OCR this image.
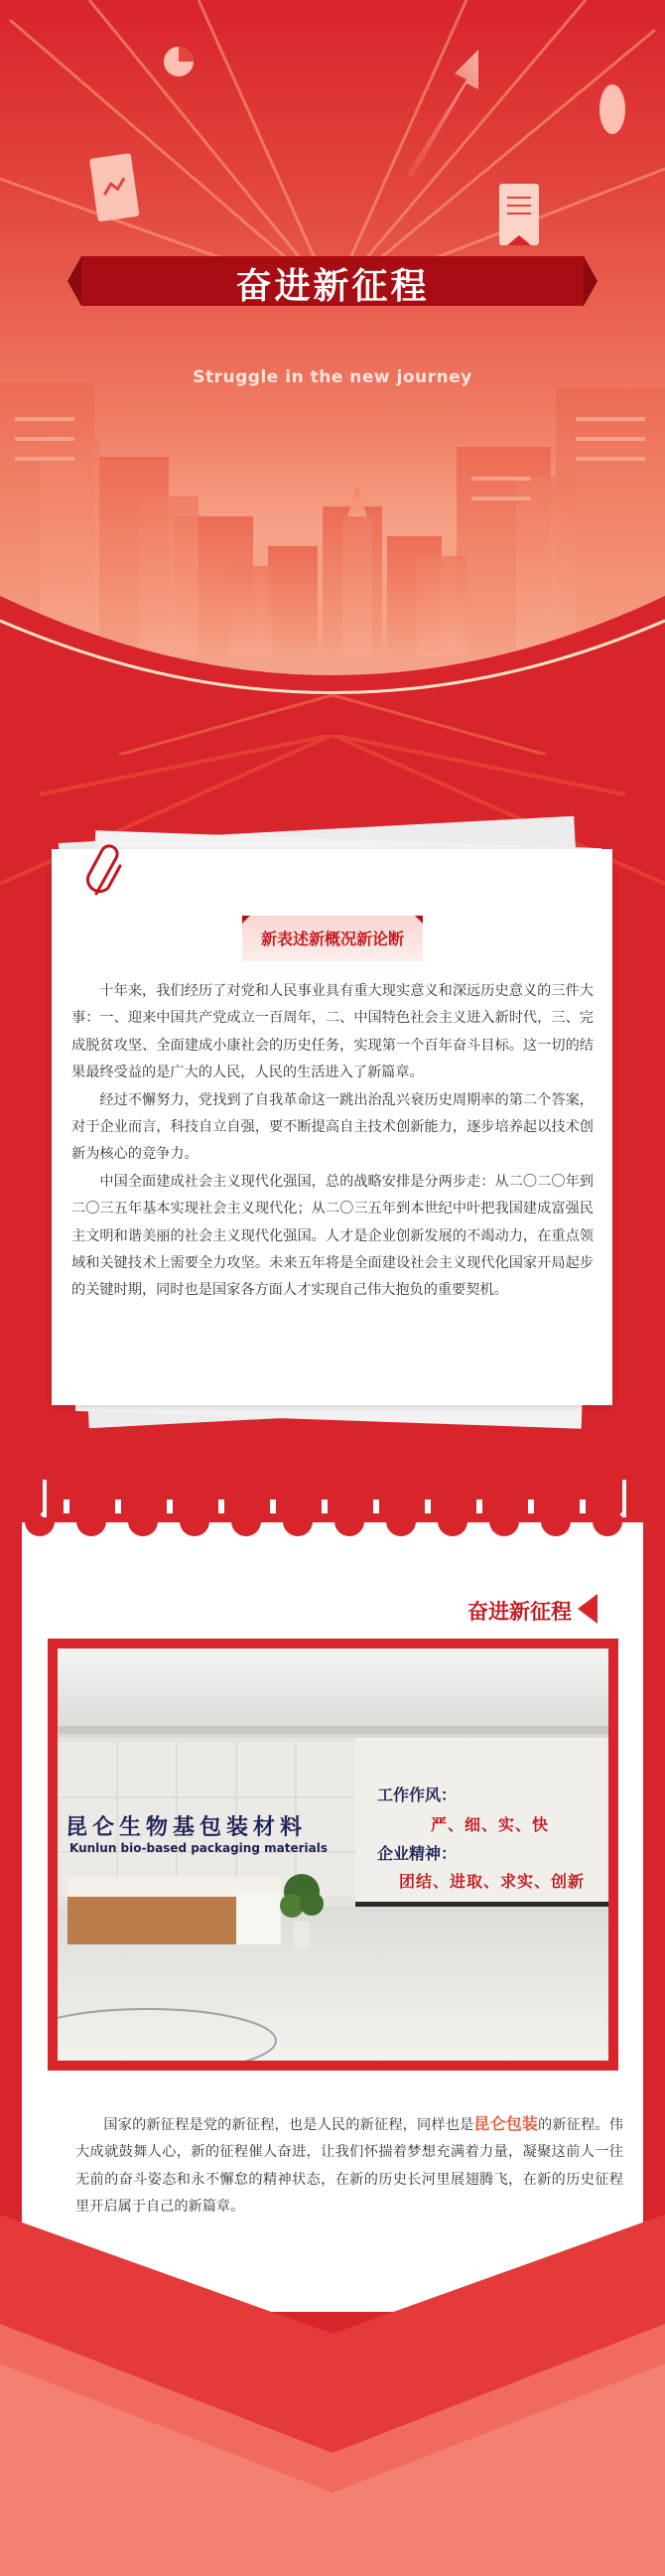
奋进新征程
Struggle in the new journey
新表述新概况新论断

十年来，我们经历了对党和人民事业具有重大现实意义和深远历史意义的三件大事：一、迎来中国共产党成立一百周年，二、中国特色社会主义进入新时代，三、完成脱贫攻坚、全面建成小康社会的历史任务，实现第一个百年奋斗目标。这一切的结果最终受益的是广大的人民，人民的生活进入了新篇章。

经过不懈努力，党找到了自我革命这一跳出治乱兴衰历史周期率的第二个答案，对于企业而言，科技自立自强，要不断提高自主技术创新能力，逐步培养起以技术创新为核心的竞争力。

中国全面建成社会主义现代化强国，总的战略安排是分两步走：从二〇二〇年到二〇三五年基本实现社会主义现代化；从二〇三五年到本世纪中叶把我国建成富强民主文明和谐美丽的社会主义现代化强国。人才是企业创新发展的不竭动力，在重点领域和关键技术上需要全力攻坚。未来五年将是全面建设社会主义现代化国家开局起步的关键时期，同时也是国家各方面人才实现自己伟大抱负的重要契机。

奋进新征程
昆仑生物基包装材料
Kunlun bio-based packaging materials
工作作风：
严、细、实、快
企业精神：
团结、进取、求实、创新
国家的新征程是党的新征程，也是人民的新征程，同样也是昆仑包装的新征程。伟大成就鼓舞人心，新的征程催人奋进，让我们怀揣着梦想充满着力量，凝聚这前人一往无前的奋斗姿态和永不懈怠的精神状态，在新的历史长河里展翅腾飞，在新的历史征程里开启属于自己的新篇章。
